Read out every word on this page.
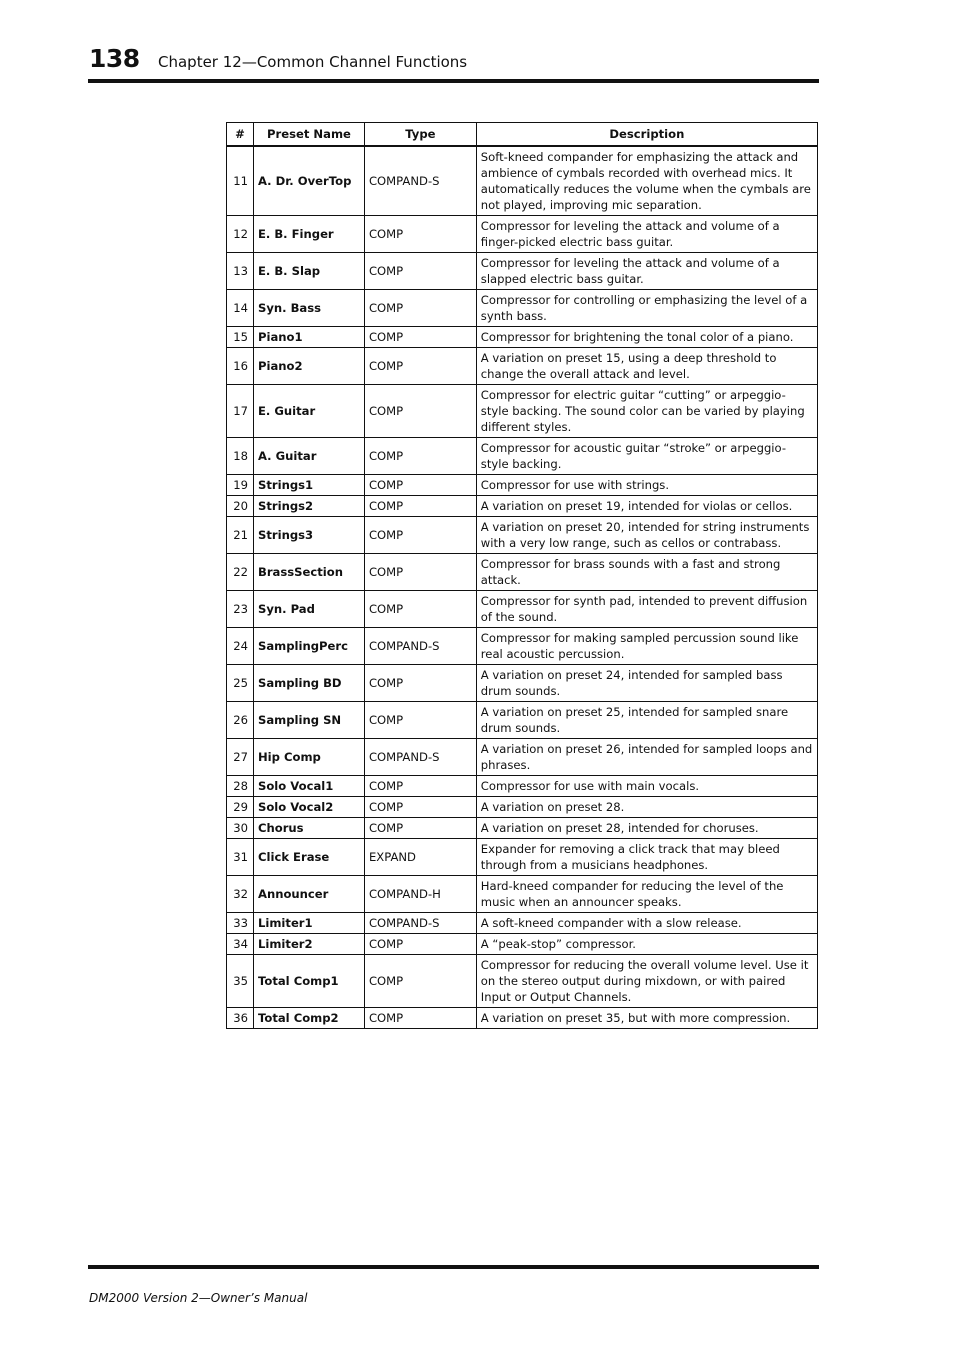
138 Chapter 12—Common Channel Functions
#	Preset Name	Type	Description
11	A. Dr. OverTop	COMPAND-S	Soft-kneed compander for emphasizing the attack and ambience of cymbals recorded with overhead mics. It automatically reduces the volume when the cymbals are not played, improving mic separation.
12	E. B. Finger	COMP	Compressor for leveling the attack and volume of a finger-picked electric bass guitar.
13	E. B. Slap	COMP	Compressor for leveling the attack and volume of a slapped electric bass guitar.
14	Syn. Bass	COMP	Compressor for controlling or emphasizing the level of a synth bass.
15	Piano1	COMP	Compressor for brightening the tonal color of a piano.
16	Piano2	COMP	A variation on preset 15, using a deep threshold to change the overall attack and level.
17	E. Guitar	COMP	Compressor for electric guitar “cutting” or arpeggio-style backing. The sound color can be varied by playing different styles.
18	A. Guitar	COMP	Compressor for acoustic guitar “stroke” or arpeggio-style backing.
19	Strings1	COMP	Compressor for use with strings.
20	Strings2	COMP	A variation on preset 19, intended for violas or cellos.
21	Strings3	COMP	A variation on preset 20, intended for string instruments with a very low range, such as cellos or contrabass.
22	BrassSection	COMP	Compressor for brass sounds with a fast and strong attack.
23	Syn. Pad	COMP	Compressor for synth pad, intended to prevent diffusion of the sound.
24	SamplingPerc	COMPAND-S	Compressor for making sampled percussion sound like real acoustic percussion.
25	Sampling BD	COMP	A variation on preset 24, intended for sampled bass drum sounds.
26	Sampling SN	COMP	A variation on preset 25, intended for sampled snare drum sounds.
27	Hip Comp	COMPAND-S	A variation on preset 26, intended for sampled loops and phrases.
28	Solo Vocal1	COMP	Compressor for use with main vocals.
29	Solo Vocal2	COMP	A variation on preset 28.
30	Chorus	COMP	A variation on preset 28, intended for choruses.
31	Click Erase	EXPAND	Expander for removing a click track that may bleed through from a musicians headphones.
32	Announcer	COMPAND-H	Hard-kneed compander for reducing the level of the music when an announcer speaks.
33	Limiter1	COMPAND-S	A soft-kneed compander with a slow release.
34	Limiter2	COMP	A “peak-stop” compressor.
35	Total Comp1	COMP	Compressor for reducing the overall volume level. Use it on the stereo output during mixdown, or with paired Input or Output Channels.
36	Total Comp2	COMP	A variation on preset 35, but with more compression.
DM2000 Version 2—Owner’s Manual
